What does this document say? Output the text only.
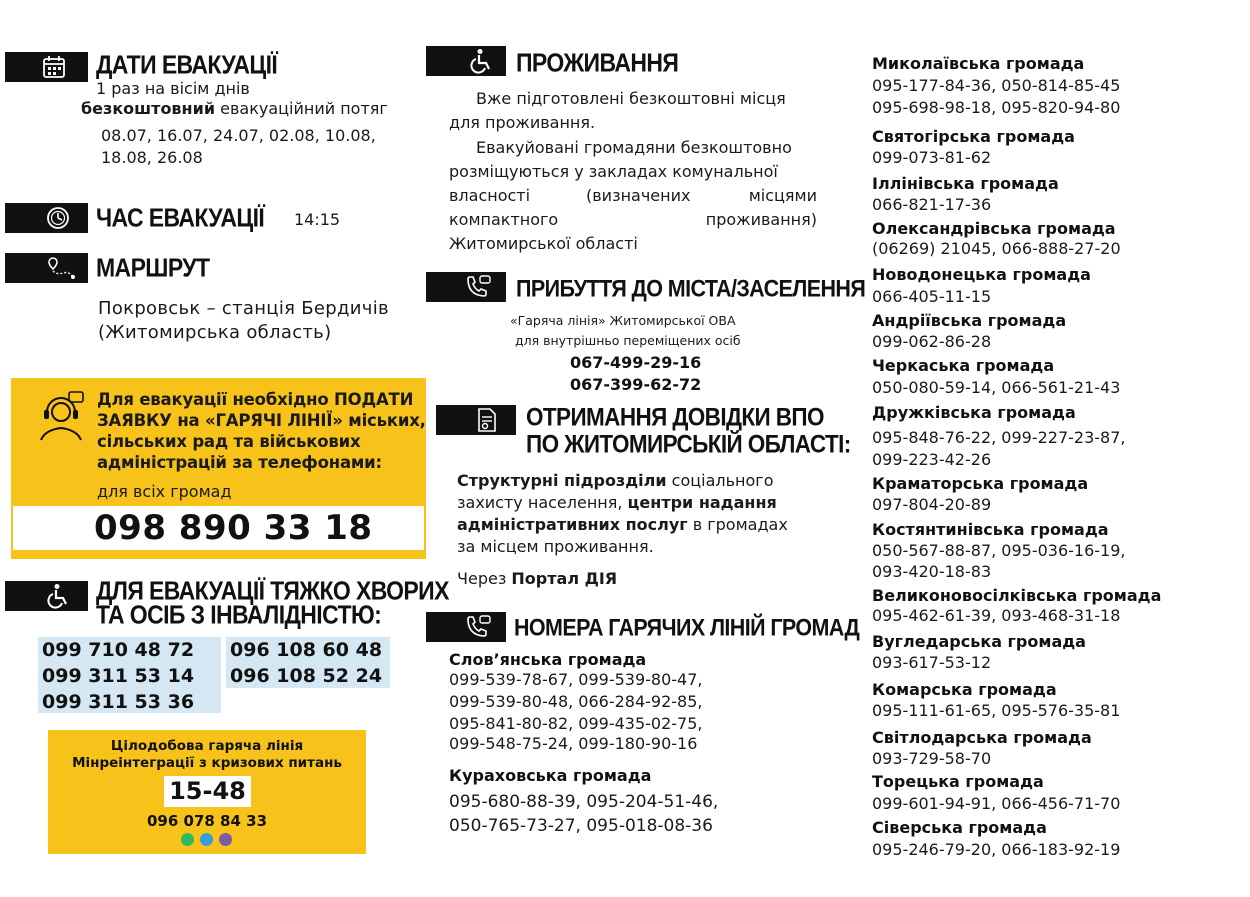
ДАТИ ЕВАКУАЦІЇ
1 раз на вісім днів
безкоштовний евакуаційний потяг
08.07, 16.07, 24.07, 02.08, 10.08,
18.08, 26.08
ЧАС ЕВАКУАЦІЇ 14:15
МАРШРУТ
Покровськ – станція Бердичів
(Житомирська область)
Для евакуації необхідно ПОДАТИ
ЗАЯВКУ на «ГАРЯЧІ ЛІНІЇ» міських,
сільських рад та військових
адміністрацій за телефонами:
для всіх громад
098 890 33 18
ДЛЯ ЕВАКУАЦІЇ ТЯЖКО ХВОРИХ
ТА ОСІБ З ІНВАЛІДНІСТЮ:
099 710 48 72
099 311 53 14
099 311 53 36
096 108 60 48
096 108 52 24
Цілодобова гаряча лінія
Мінреінтеграції з кризових питань
15-48
096 078 84 33
ПРОЖИВАННЯ
Вже підготовлені безкоштовні місця
для проживання.
Евакуйовані громадяни безкоштовно
розміщуються у закладах комунальної
власності	(визначених	місцями
компактного	проживання)
Житомирської області
ПРИБУТТЯ ДО МІСТА/ЗАСЕЛЕННЯ
«Гаряча лінія» Житомирської ОВА
для внутрішньо переміщених осіб
067-499-29-16
067-399-62-72
ОТРИМАННЯ ДОВІДКИ ВПО
ПО ЖИТОМИРСЬКІЙ ОБЛАСТІ:
Структурні підрозділи соціального
захисту населення, центри надання
адміністративних послуг в громадах
за місцем проживання.
Через Портал ДІЯ
НОМЕРА ГАРЯЧИХ ЛІНІЙ ГРОМАД
Слов’янська громада
099-539-78-67, 099-539-80-47,
099-539-80-48, 066-284-92-85,
095-841-80-82, 099-435-02-75,
099-548-75-24, 099-180-90-16
Кураховська громада
095-680-88-39, 095-204-51-46,
050-765-73-27, 095-018-08-36
Миколаївська громада
095-177-84-36, 050-814-85-45
095-698-98-18, 095-820-94-80
Святогірська громада
099-073-81-62
Іллінівська громада
066-821-17-36
Олександрівська громада
(06269) 21045, 066-888-27-20
Новодонецька громада
066-405-11-15
Андріївська громада
099-062-86-28
Черкаська громада
050-080-59-14, 066-561-21-43
Дружківська громада
095-848-76-22, 099-227-23-87,
099-223-42-26
Краматорська громада
097-804-20-89
Костянтинівська громада
050-567-88-87, 095-036-16-19,
093-420-18-83
Великоновосілківська громада
095-462-61-39, 093-468-31-18
Вугледарська громада
093-617-53-12
Комарська громада
095-111-61-65, 095-576-35-81
Світлодарська громада
093-729-58-70
Торецька громада
099-601-94-91, 066-456-71-70
Сіверська громада
095-246-79-20, 066-183-92-19
